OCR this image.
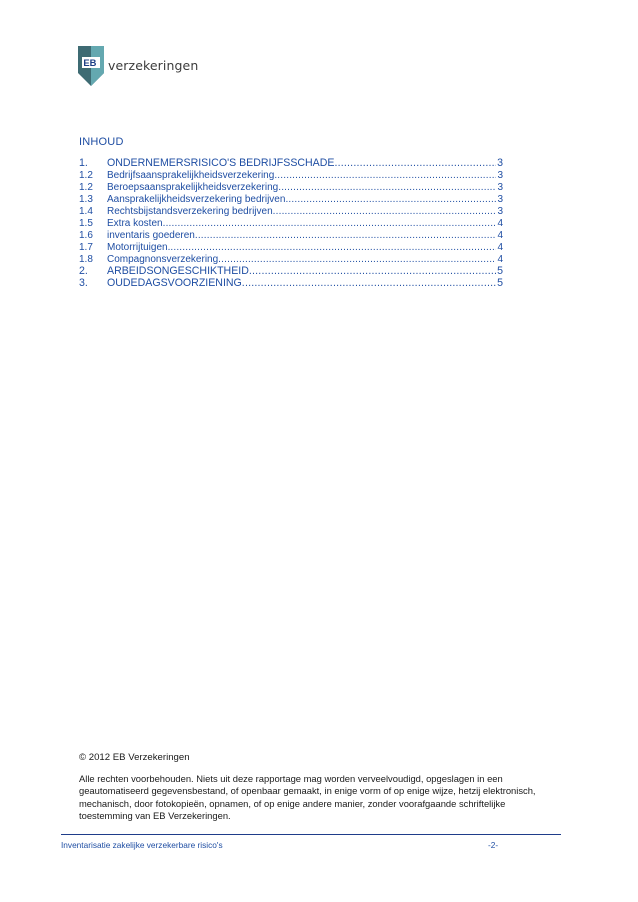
EB verzekeringen
INHOUD
1.	ONDERNEMERSRISICO'S BEDRIJFSSCHADE .....	3
1.2	Bedrijfsaansprakelijkheidsverzekering .....	3
1.2	Beroepsaansprakelijkheidsverzekering .....	3
1.3	Aansprakelijkheidsverzekering bedrijven .....	3
1.4	Rechtsbijstandsverzekering bedrijven .....	3
1.5	Extra kosten .....	4
1.6	inventaris goederen .....	4
1.7	Motorrijtuigen. .....	4
1.8	Compagnonsverzekering .....	4
2.	ARBEIDSONGESCHIKTHEID .....	5
3.	OUDEDAGSVOORZIENING .....	5
© 2012 EB Verzekeringen
Alle rechten voorbehouden. Niets uit deze rapportage mag worden verveelvoudigd, opgeslagen in een geautomatiseerd gegevensbestand, of openbaar gemaakt, in enige vorm of op enige wijze, hetzij elektronisch, mechanisch, door fotokopieën, opnamen, of op enige andere manier, zonder voorafgaande schriftelijke toestemming van EB Verzekeringen.
Inventarisatie zakelijke verzekerbare risico's	-2-
